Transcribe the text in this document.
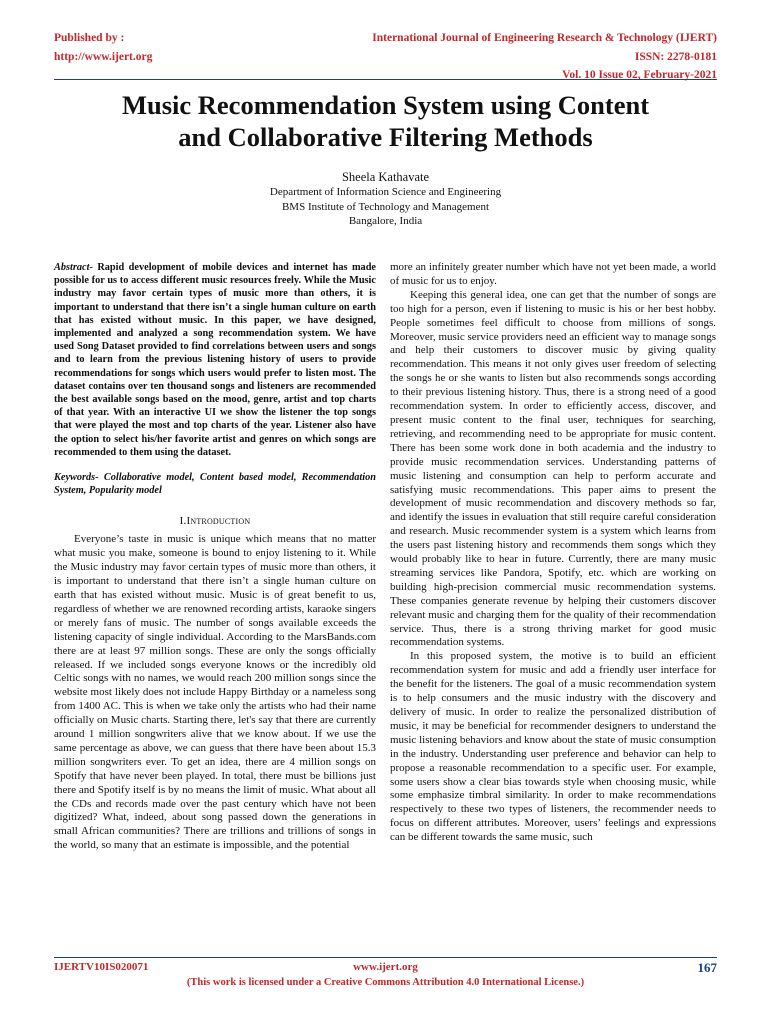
Published by :
http://www.ijert.org
International Journal of Engineering Research & Technology (IJERT)
ISSN: 2278-0181
Vol. 10 Issue 02, February-2021
Music Recommendation System using Content
and Collaborative Filtering Methods
Sheela Kathavate
Department of Information Science and Engineering
BMS Institute of Technology and Management
Bangalore, India

Abstract- Rapid development of mobile devices and internet has made possible for us to access different music resources freely. While the Music industry may favor certain types of music more than others, it is important to understand that there isn’t a single human culture on earth that has existed without music. In this paper, we have designed, implemented and analyzed a song recommendation system. We have used Song Dataset provided to find correlations between users and songs and to learn from the previous listening history of users to provide recommendations for songs which users would prefer to listen most. The dataset contains over ten thousand songs and listeners are recommended the best available songs based on the mood, genre, artist and top charts of that year. With an interactive UI we show the listener the top songs that were played the most and top charts of the year. Listener also have the option to select his/her favorite artist and genres on which songs are recommended to them using the dataset.

Keywords- Collaborative model, Content based model, Recommendation System, Popularity model

I.Introduction

Everyone’s taste in music is unique which means that no matter what music you make, someone is bound to enjoy listening to it. While the Music industry may favor certain types of music more than others, it is important to understand that there isn’t a single human culture on earth that has existed without music. Music is of great benefit to us, regardless of whether we are renowned recording artists, karaoke singers or merely fans of music. The number of songs available exceeds the listening capacity of single individual. According to the MarsBands.com there are at least 97 million songs. These are only the songs officially released. If we included songs everyone knows or the incredibly old Celtic songs with no names, we would reach 200 million songs since the website most likely does not include Happy Birthday or a nameless song from 1400 AC. This is when we take only the artists who had their name officially on Music charts. Starting there, let's say that there are currently around 1 million songwriters alive that we know about. If we use the same percentage as above, we can guess that there have been about 15.3 million songwriters ever. To get an idea, there are 4 million songs on Spotify that have never been played. In total, there must be billions just there and Spotify itself is by no means the limit of music. What about all the CDs and records made over the past century which have not been digitized? What, indeed, about song passed down the generations in small African communities? There are trillions and trillions of songs in the world, so many that an estimate is impossible, and the potential

more an infinitely greater number which have not yet been made, a world of music for us to enjoy.

Keeping this general idea, one can get that the number of songs are too high for a person, even if listening to music is his or her best hobby. People sometimes feel difficult to choose from millions of songs. Moreover, music service providers need an efficient way to manage songs and help their customers to discover music by giving quality recommendation. This means it not only gives user freedom of selecting the songs he or she wants to listen but also recommends songs according to their previous listening history. Thus, there is a strong need of a good recommendation system. In order to efficiently access, discover, and present music content to the final user, techniques for searching, retrieving, and recommending need to be appropriate for music content. There has been some work done in both academia and the industry to provide music recommendation services. Understanding patterns of music listening and consumption can help to perform accurate and satisfying music recommendations. This paper aims to present the development of music recommendation and discovery methods so far, and identify the issues in evaluation that still require careful consideration and research. Music recommender system is a system which learns from the users past listening history and recommends them songs which they would probably like to hear in future. Currently, there are many music streaming services like Pandora, Spotify, etc. which are working on building high-precision commercial music recommendation systems. These companies generate revenue by helping their customers discover relevant music and charging them for the quality of their recommendation service. Thus, there is a strong thriving market for good music recommendation systems.

In this proposed system, the motive is to build an efficient recommendation system for music and add a friendly user interface for the benefit for the listeners. The goal of a music recommendation system is to help consumers and the music industry with the discovery and delivery of music. In order to realize the personalized distribution of music, it may be beneficial for recommender designers to understand the music listening behaviors and know about the state of music consumption in the industry. Understanding user preference and behavior can help to propose a reasonable recommendation to a specific user. For example, some users show a clear bias towards style when choosing music, while some emphasize timbral similarity. In order to make recommendations respectively to these two types of listeners, the recommender needs to focus on different attributes. Moreover, users’ feelings and expressions can be different towards the same music, such

IJERTV10IS020071	www.ijert.org	167
(This work is licensed under a Creative Commons Attribution 4.0 International License.)
